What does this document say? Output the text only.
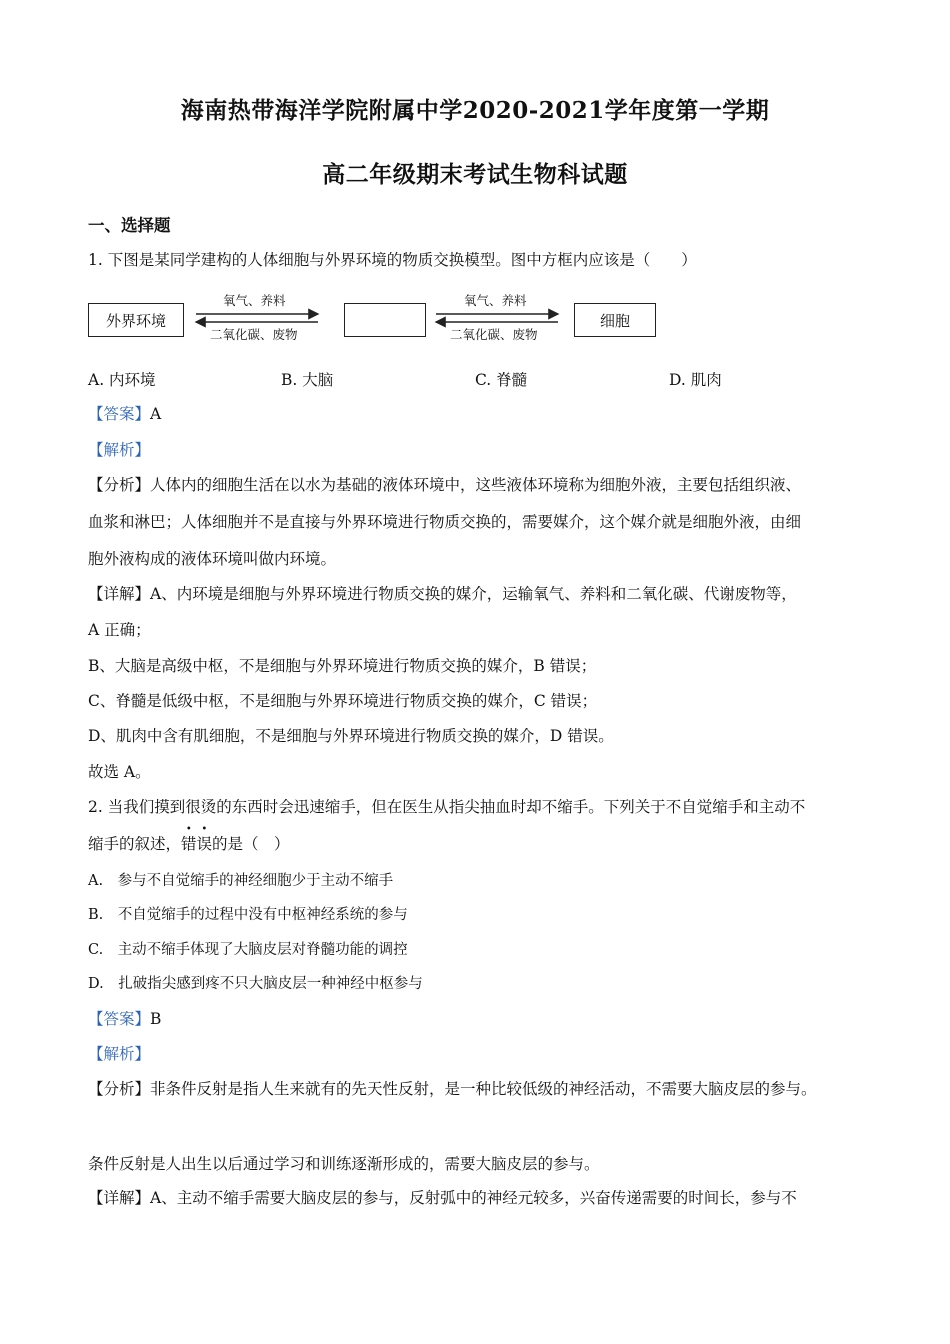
海南热带海洋学院附属中学2020-2021学年度第一学期
高二年级期末考试生物科试题
一、选择题
1. 下图是某同学建构的人体细胞与外界环境的物质交换模型。图中方框内应该是（　　）
外界环境	细胞
氧气、养料
二氧化碳、废物
氧气、养料
二氧化碳、废物
A. 内环境	B. 大脑	C. 脊髓	D. 肌肉
【答案】A
【解析】
【分析】人体内的细胞生活在以水为基础的液体环境中，这些液体环境称为细胞外液，主要包括组织液、
血浆和淋巴；人体细胞并不是直接与外界环境进行物质交换的，需要媒介，这个媒介就是细胞外液，由细
胞外液构成的液体环境叫做内环境。
【详解】A、内环境是细胞与外界环境进行物质交换的媒介，运输氧气、养料和二氧化碳、代谢废物等，
A 正确；
B、大脑是高级中枢，不是细胞与外界环境进行物质交换的媒介，B 错误；
C、脊髓是低级中枢，不是细胞与外界环境进行物质交换的媒介，C 错误；
D、肌肉中含有肌细胞，不是细胞与外界环境进行物质交换的媒介，D 错误。
故选 A。
2. 当我们摸到很烫的东西时会迅速缩手，但在医生从指尖抽血时却不缩手。下列关于不自觉缩手和主动不
缩手的叙述，
•
错
•
误的是（　）
A.　参与不自觉缩手的神经细胞少于主动不缩手
B.　不自觉缩手的过程中没有中枢神经系统的参与
C.　主动不缩手体现了大脑皮层对脊髓功能的调控
D.　扎破指尖感到疼不只大脑皮层一种神经中枢参与
【答案】B
【解析】
【分析】非条件反射是指人生来就有的先天性反射，是一种比较低级的神经活动，不需要大脑皮层的参与。
条件反射是人出生以后通过学习和训练逐渐形成的，需要大脑皮层的参与。
【详解】A、主动不缩手需要大脑皮层的参与，反射弧中的神经元较多，兴奋传递需要的时间长，参与不
